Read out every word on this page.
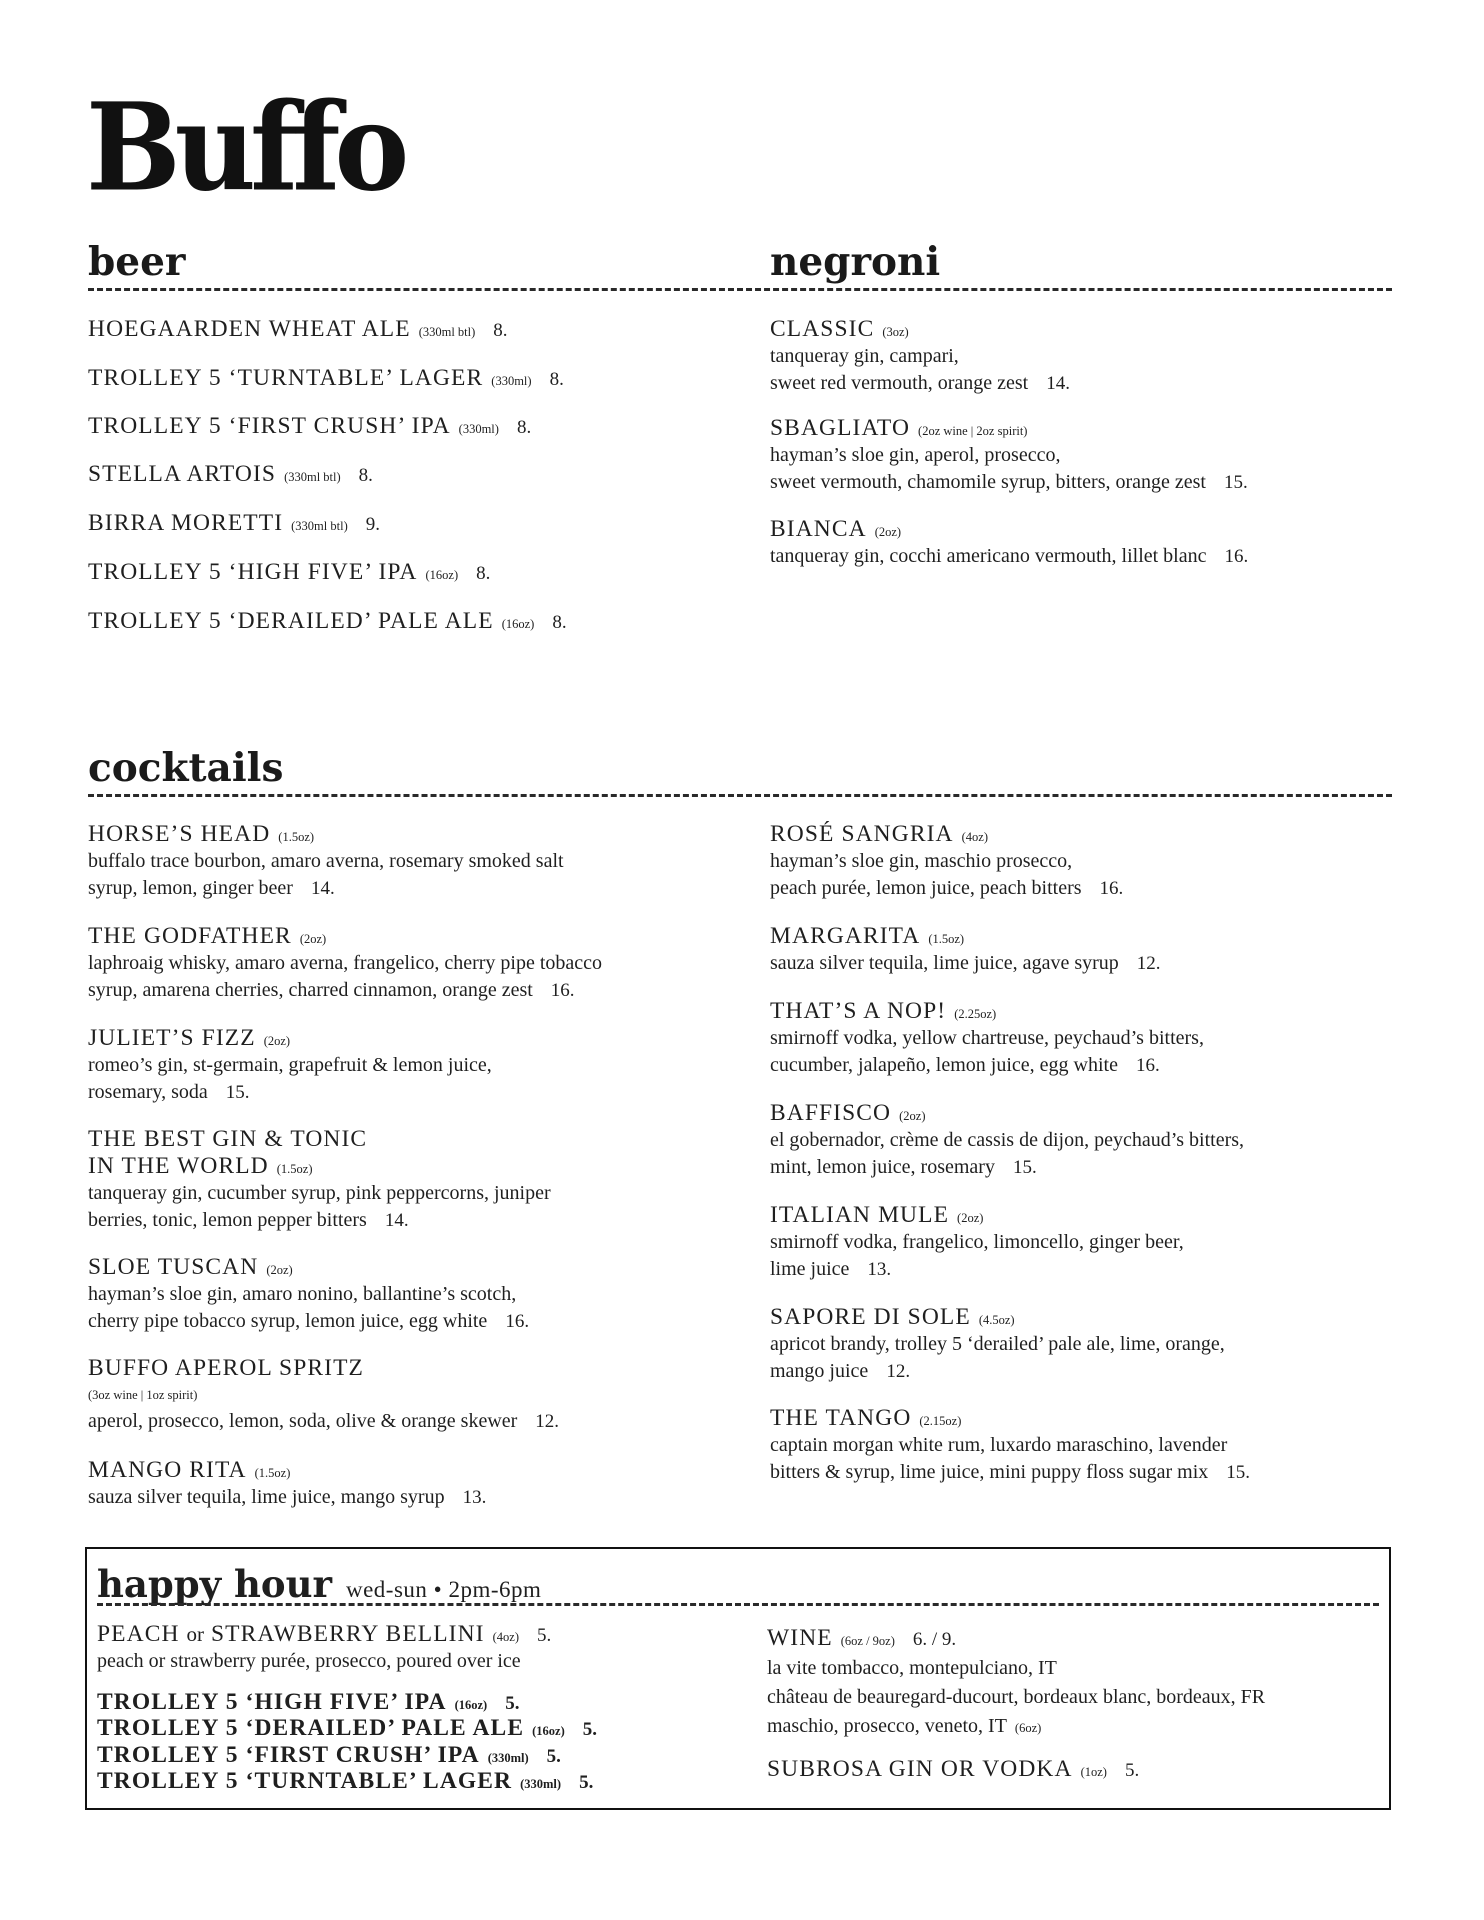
Buffo
beer	negroni
HOEGAARDEN WHEAT ALE (330ml btl) 8.
TROLLEY 5 ‘TURNTABLE’ LAGER (330ml) 8.
TROLLEY 5 ‘FIRST CRUSH’ IPA (330ml) 8.
STELLA ARTOIS (330ml btl) 8.
BIRRA MORETTI (330ml btl) 9.
TROLLEY 5 ‘HIGH FIVE’ IPA (16oz) 8.
TROLLEY 5 ‘DERAILED’ PALE ALE (16oz) 8.
CLASSIC (3oz)
tanqueray gin, campari,
sweet red vermouth, orange zest 14.
SBAGLIATO (2oz wine | 2oz spirit)
hayman’s sloe gin, aperol, prosecco,
sweet vermouth, chamomile syrup, bitters, orange zest 15.
BIANCA (2oz)
tanqueray gin, cocchi americano vermouth, lillet blanc 16.
cocktails
HORSE’S HEAD (1.5oz)
buffalo trace bourbon, amaro averna, rosemary smoked salt
syrup, lemon, ginger beer 14.
THE GODFATHER (2oz)
laphroaig whisky, amaro averna, frangelico, cherry pipe tobacco
syrup, amarena cherries, charred cinnamon, orange zest 16.
JULIET’S FIZZ (2oz)
romeo’s gin, st-germain, grapefruit & lemon juice,
rosemary, soda 15.
THE BEST GIN & TONIC
IN THE WORLD (1.5oz)
tanqueray gin, cucumber syrup, pink peppercorns, juniper
berries, tonic, lemon pepper bitters 14.
SLOE TUSCAN (2oz)
hayman’s sloe gin, amaro nonino, ballantine’s scotch,
cherry pipe tobacco syrup, lemon juice, egg white 16.
BUFFO APEROL SPRITZ
(3oz wine | 1oz spirit)
aperol, prosecco, lemon, soda, olive & orange skewer 12.
MANGO RITA (1.5oz)
sauza silver tequila, lime juice, mango syrup 13.
ROSÉ SANGRIA (4oz)
hayman’s sloe gin, maschio prosecco,
peach purée, lemon juice, peach bitters 16.
MARGARITA (1.5oz)
sauza silver tequila, lime juice, agave syrup 12.
THAT’S A NOP! (2.25oz)
smirnoff vodka, yellow chartreuse, peychaud’s bitters,
cucumber, jalapeño, lemon juice, egg white 16.
BAFFISCO (2oz)
el gobernador, crème de cassis de dijon, peychaud’s bitters,
mint, lemon juice, rosemary 15.
ITALIAN MULE (2oz)
smirnoff vodka, frangelico, limoncello, ginger beer,
lime juice 13.
SAPORE DI SOLE (4.5oz)
apricot brandy, trolley 5 ‘derailed’ pale ale, lime, orange,
mango juice 12.
THE TANGO (2.15oz)
captain morgan white rum, luxardo maraschino, lavender
bitters & syrup, lime juice, mini puppy floss sugar mix 15.
happy hour wed-sun • 2pm-6pm
PEACH or STRAWBERRY BELLINI (4oz) 5.
peach or strawberry purée, prosecco, poured over ice
TROLLEY 5 ‘HIGH FIVE’ IPA (16oz) 5.
TROLLEY 5 ‘DERAILED’ PALE ALE (16oz) 5.
TROLLEY 5 ‘FIRST CRUSH’ IPA (330ml) 5.
TROLLEY 5 ‘TURNTABLE’ LAGER (330ml) 5.
WINE (6oz / 9oz) 6. / 9.
la vite tombacco, montepulciano, IT
château de beauregard-ducourt, bordeaux blanc, bordeaux, FR
maschio, prosecco, veneto, IT (6oz)
SUBROSA GIN OR VODKA (1oz) 5.
